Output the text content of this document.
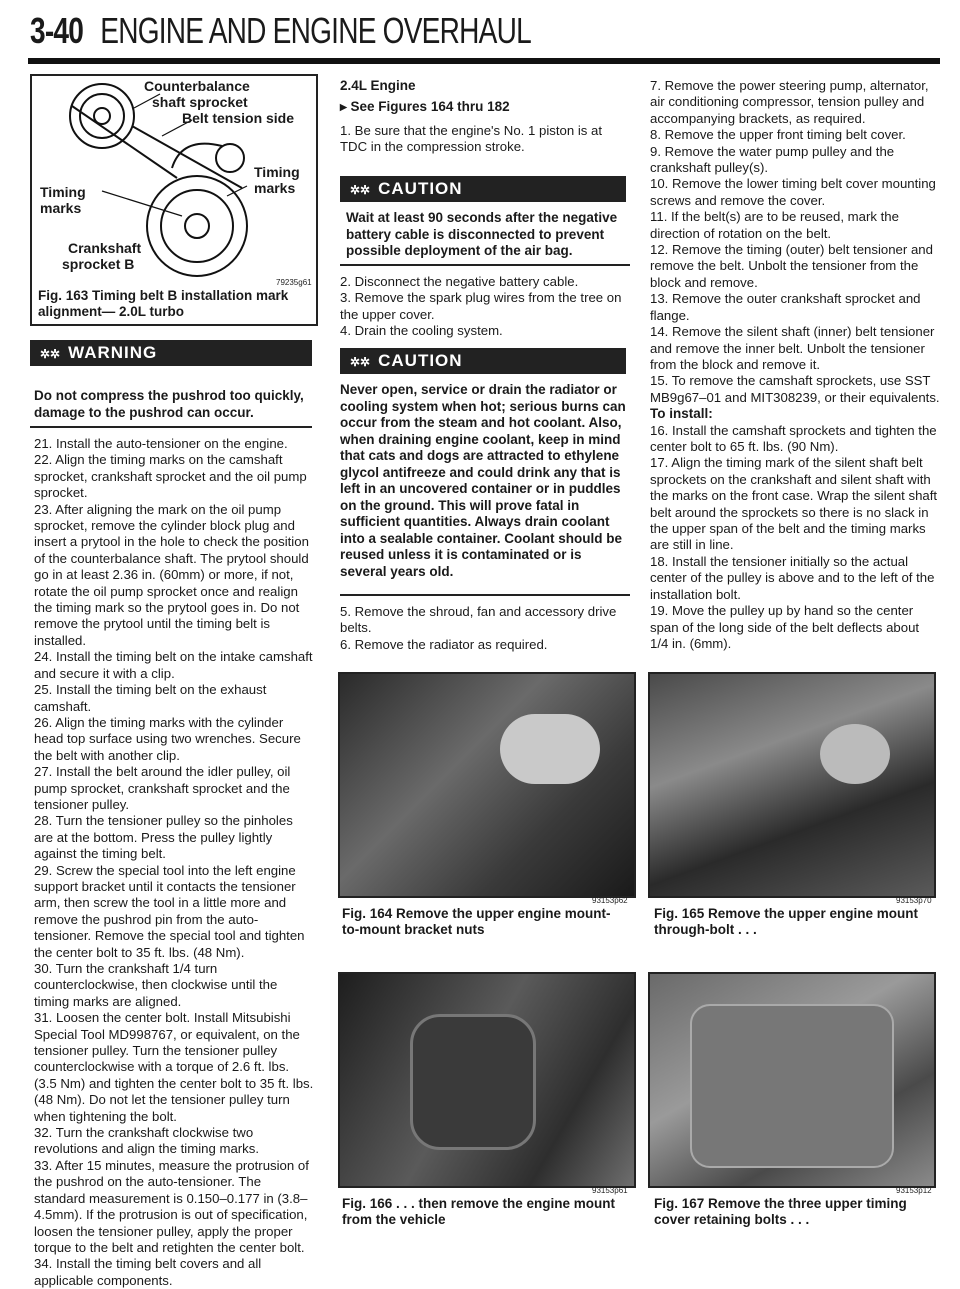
3-40 ENGINE AND ENGINE OVERHAUL
Counterbalance
shaft sprocket
Belt tension side
Timing
marks
Timing
marks
Crankshaft
sprocket B
79235g61
Fig. 163 Timing belt B installation mark
alignment— 2.0L turbo
✲✲ WARNING
Do not compress the pushrod too quickly,
damage to the pushrod can occur.

21. Install the auto-tensioner on the engine.

22. Align the timing marks on the camshaft sprocket, crankshaft sprocket and the oil pump sprocket.

23. After aligning the mark on the oil pump sprocket, remove the cylinder block plug and insert a prytool in the hole to check the position of the counterbalance shaft. The prytool should go in at least 2.36 in. (60mm) or more, if not, rotate the oil pump sprocket once and realign the timing mark so the prytool goes in. Do not remove the prytool until the timing belt is installed.

24. Install the timing belt on the intake camshaft and secure it with a clip.

25. Install the timing belt on the exhaust camshaft.

26. Align the timing marks with the cylinder head top surface using two wrenches. Secure the belt with another clip.

27. Install the belt around the idler pulley, oil pump sprocket, crankshaft sprocket and the tensioner pulley.

28. Turn the tensioner pulley so the pinholes are at the bottom. Press the pulley lightly against the timing belt.

29. Screw the special tool into the left engine support bracket until it contacts the tensioner arm, then screw the tool in a little more and remove the pushrod pin from the auto-tensioner. Remove the special tool and tighten the center bolt to 35 ft. lbs. (48 Nm).

30. Turn the crankshaft 1/4 turn counterclockwise, then clockwise until the timing marks are aligned.

31. Loosen the center bolt. Install Mitsubishi Special Tool MD998767, or equivalent, on the tensioner pulley. Turn the tensioner pulley counterclockwise with a torque of 2.6 ft. lbs. (3.5 Nm) and tighten the center bolt to 35 ft. lbs. (48 Nm). Do not let the tensioner pulley turn when tightening the bolt.

32. Turn the crankshaft clockwise two revolutions and align the timing marks.

33. After 15 minutes, measure the protrusion of the pushrod on the auto-tensioner. The standard measurement is 0.150–0.177 in (3.8–4.5mm). If the protrusion is out of specification, loosen the tensioner pulley, apply the proper torque to the belt and retighten the center bolt.

34. Install the timing belt covers and all applicable components.

2.4L Engine
▸ See Figures 164 thru 182

1. Be sure that the engine's No. 1 piston is at TDC in the compression stroke.

✲✲ CAUTION
Wait at least 90 seconds after the negative battery cable is disconnected to prevent possible deployment of the air bag.

2. Disconnect the negative battery cable.

3. Remove the spark plug wires from the tree on the upper cover.

4. Drain the cooling system.

✲✲ CAUTION
Never open, service or drain the radiator or cooling system when hot; serious burns can occur from the steam and hot coolant. Also, when draining engine coolant, keep in mind that cats and dogs are attracted to ethylene glycol antifreeze and could drink any that is left in an uncovered container or in puddles on the ground. This will prove fatal in sufficient quantities. Always drain coolant into a sealable container. Coolant should be reused unless it is contaminated or is several years old.

5. Remove the shroud, fan and accessory drive belts.

6. Remove the radiator as required.

7. Remove the power steering pump, alternator, air conditioning compressor, tension pulley and accompanying brackets, as required.

8. Remove the upper front timing belt cover.

9. Remove the water pump pulley and the crankshaft pulley(s).

10. Remove the lower timing belt cover mounting screws and remove the cover.

11. If the belt(s) are to be reused, mark the direction of rotation on the belt.

12. Remove the timing (outer) belt tensioner and remove the belt. Unbolt the tensioner from the block and remove.

13. Remove the outer crankshaft sprocket and flange.

14. Remove the silent shaft (inner) belt tensioner and remove the inner belt. Unbolt the tensioner from the block and remove it.

15. To remove the camshaft sprockets, use SST MB9g67–01 and MIT308239, or their equivalents.

To install:

16. Install the camshaft sprockets and tighten the center bolt to 65 ft. lbs. (90 Nm).

17. Align the timing mark of the silent shaft belt sprockets on the crankshaft and silent shaft with the marks on the front case. Wrap the silent shaft belt around the sprockets so there is no slack in the upper span of the belt and the timing marks are still in line.

18. Install the tensioner initially so the actual center of the pulley is above and to the left of the installation bolt.

19. Move the pulley up by hand so the center span of the long side of the belt deflects about 1/4 in. (6mm).

93153p62
Fig. 164 Remove the upper engine mount-
to-mount bracket nuts
93153p70
Fig. 165 Remove the upper engine mount
through-bolt . . .
93153p61
Fig. 166 . . . then remove the engine mount
from the vehicle
93153p12
Fig. 167 Remove the three upper timing
cover retaining bolts . . .
